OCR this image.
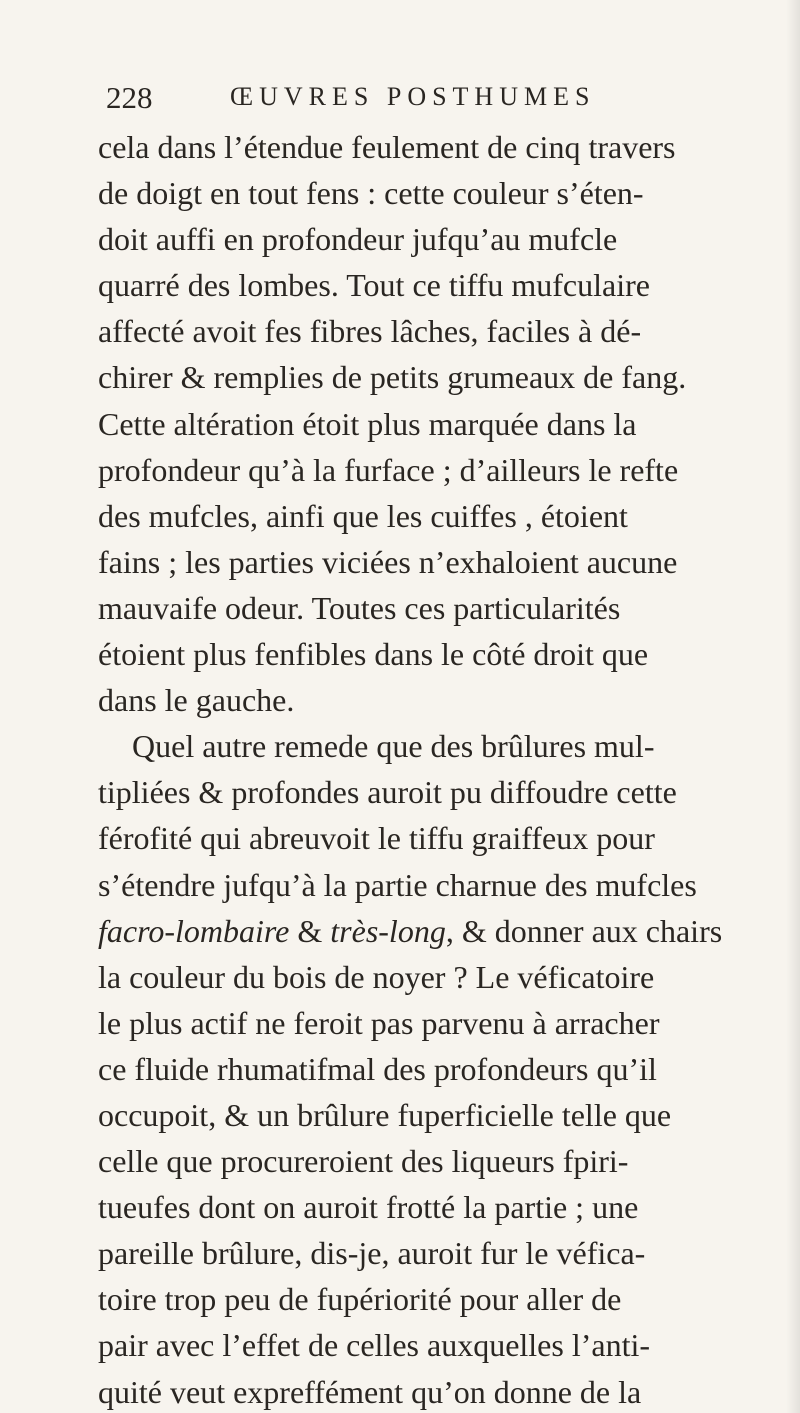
228	ŒUVRES POSTHUMES
cela dans l’étendue feulement de cinq travers
de doigt en tout fens : cette couleur s’éten-
doit auffi en profondeur jufqu’au mufcle
quarré des lombes. Tout ce tiffu mufculaire
affecté avoit fes fibres lâches, faciles à dé-
chirer & remplies de petits grumeaux de fang.
Cette altération étoit plus marquée dans la
profondeur qu’à la furface ; d’ailleurs le refte
des mufcles, ainfi que les cuiffes , étoient
fains ; les parties viciées n’exhaloient aucune
mauvaife odeur. Toutes ces particularités
étoient plus fenfibles dans le côté droit que
dans le gauche.
Quel autre remede que des brûlures mul-
tipliées & profondes auroit pu diffoudre cette
férofité qui abreuvoit le tiffu graiffeux pour
s’étendre jufqu’à la partie charnue des mufcles
facro-lombaire & très-long, & donner aux chairs
la couleur du bois de noyer ? Le véficatoire
le plus actif ne feroit pas parvenu à arracher
ce fluide rhumatifmal des profondeurs qu’il
occupoit, & un brûlure fuperficielle telle que
celle que procureroient des liqueurs fpiri-
tueufes dont on auroit frotté la partie ; une
pareille brûlure, dis-je, auroit fur le véfica-
toire trop peu de fupériorité pour aller de
pair avec l’effet de celles auxquelles l’anti-
quité veut expreffément qu’on donne de la
